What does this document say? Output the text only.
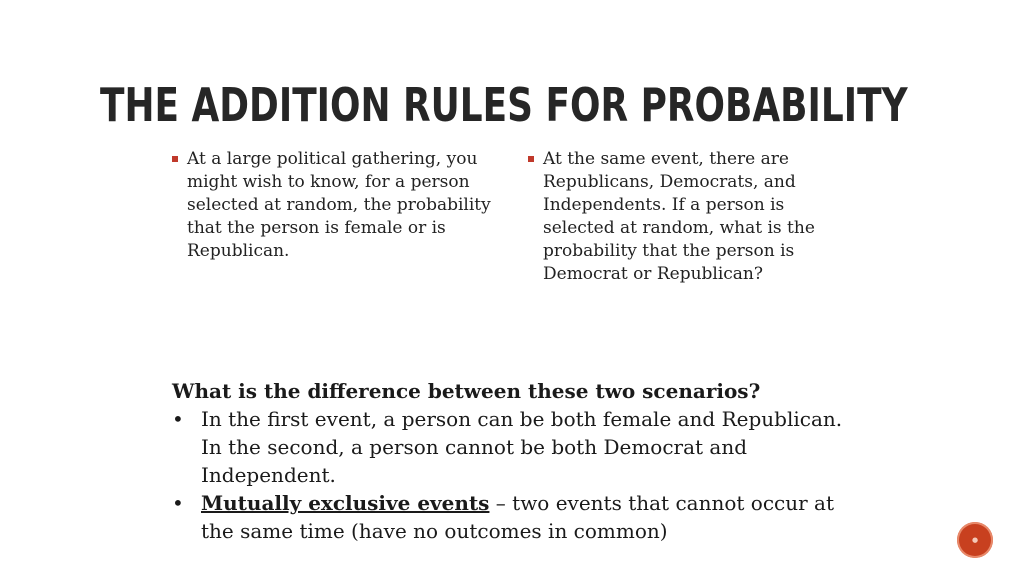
THE ADDITION RULES FOR PROBABILITY
At a large political gathering, you might wish to know, for a person selected at random, the probability that the person is female or is Republican.
At the same event, there are Republicans, Democrats, and Independents. If a person is selected at random, what is the probability that the person is Democrat or Republican?
What is the difference between these two scenarios?
• In the first event, a person can be both female and Republican. In the second, a person cannot be both Democrat and Independent.
• Mutually exclusive events – two events that cannot occur at the same time (have no outcomes in common)	●
